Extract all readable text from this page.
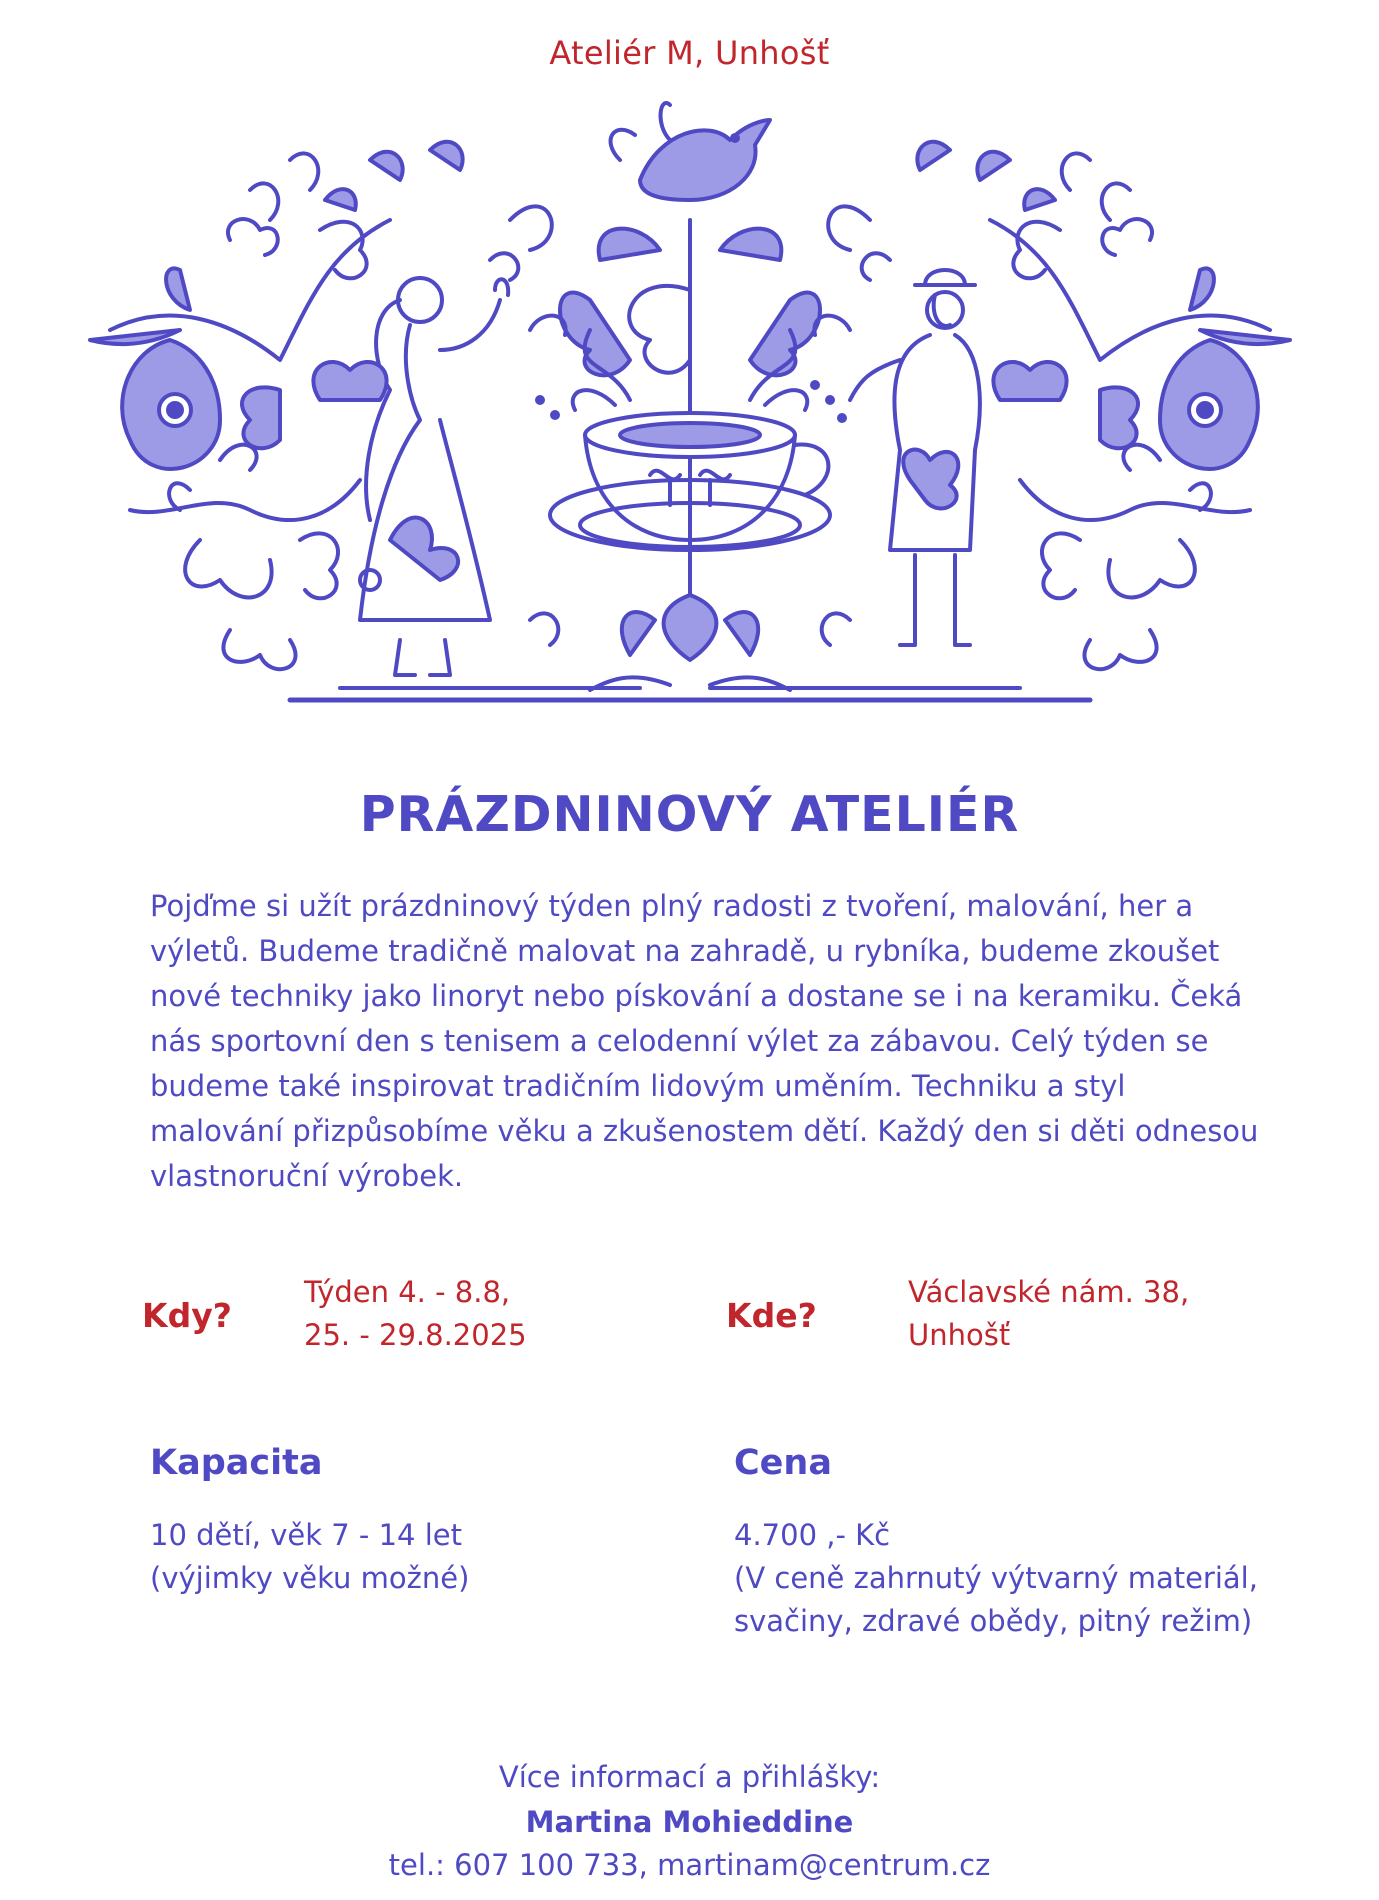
Ateliér M, Unhošť
PRÁZDNINOVÝ ATELIÉR
Pojďme si užít prázdninový týden plný radosti z tvoření, malování, her a výletů. Budeme tradičně malovat na zahradě, u rybníka, budeme zkoušet nové techniky jako linoryt nebo pískování a dostane se i na keramiku. Čeká nás sportovní den s tenisem a celodenní výlet za zábavou. Celý týden se budeme také inspirovat tradičním lidovým uměním. Techniku a styl malování přizpůsobíme věku a zkušenostem dětí. Každý den si děti odnesou vlastnoruční výrobek.
Kdy?
Týden 4. - 8.8,
25. - 29.8.2025	Kde?
Václavské nám. 38,
Unhošť
Kapacita
10 dětí, věk 7 - 14 let
(výjimky věku možné)
Cena
4.700 ,- Kč
(V ceně zahrnutý výtvarný materiál,
svačiny, zdravé obědy, pitný režim)
Více informací a přihlášky:
Martina Mohieddine
tel.: 607 100 733, martinam@centrum.cz
